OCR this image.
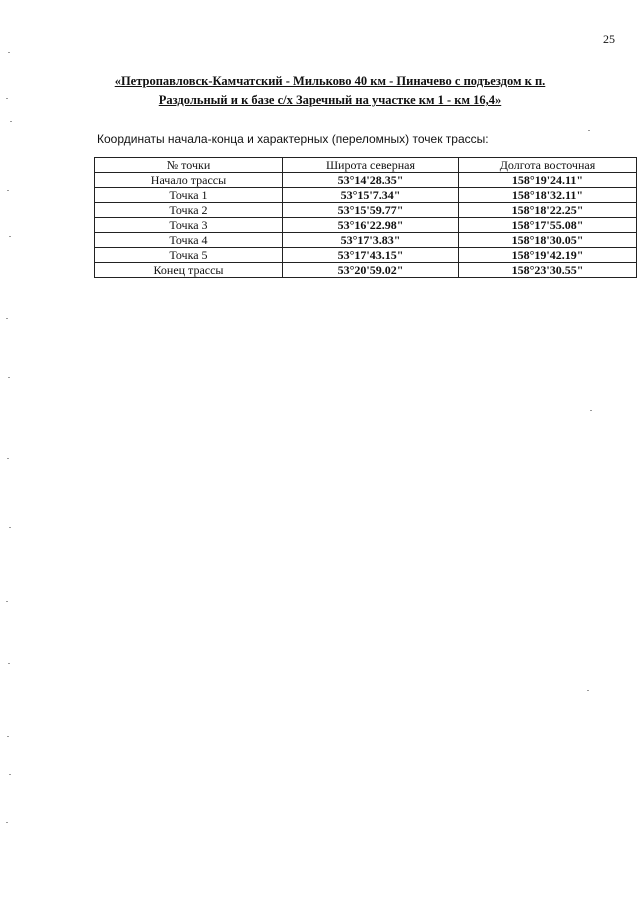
25
«Петропавловск-Камчатский - Мильково 40 км - Пиначево с подъездом к п.
Раздольный и к базе с/х Заречный на участке км 1 - км 16,4»
Координаты начала-конца и характерных (переломных) точек трассы:
№ точки	Широта северная	Долгота восточная
Начало трассы	53°14'28.35"	158°19'24.11"
Точка 1	53°15'7.34"	158°18'32.11"
Точка 2	53°15'59.77"	158°18'22.25"
Точка 3	53°16'22.98"	158°17'55.08"
Точка 4	53°17'3.83"	158°18'30.05"
Точка 5	53°17'43.15"	158°19'42.19"
Конец трассы	53°20'59.02"	158°23'30.55"
